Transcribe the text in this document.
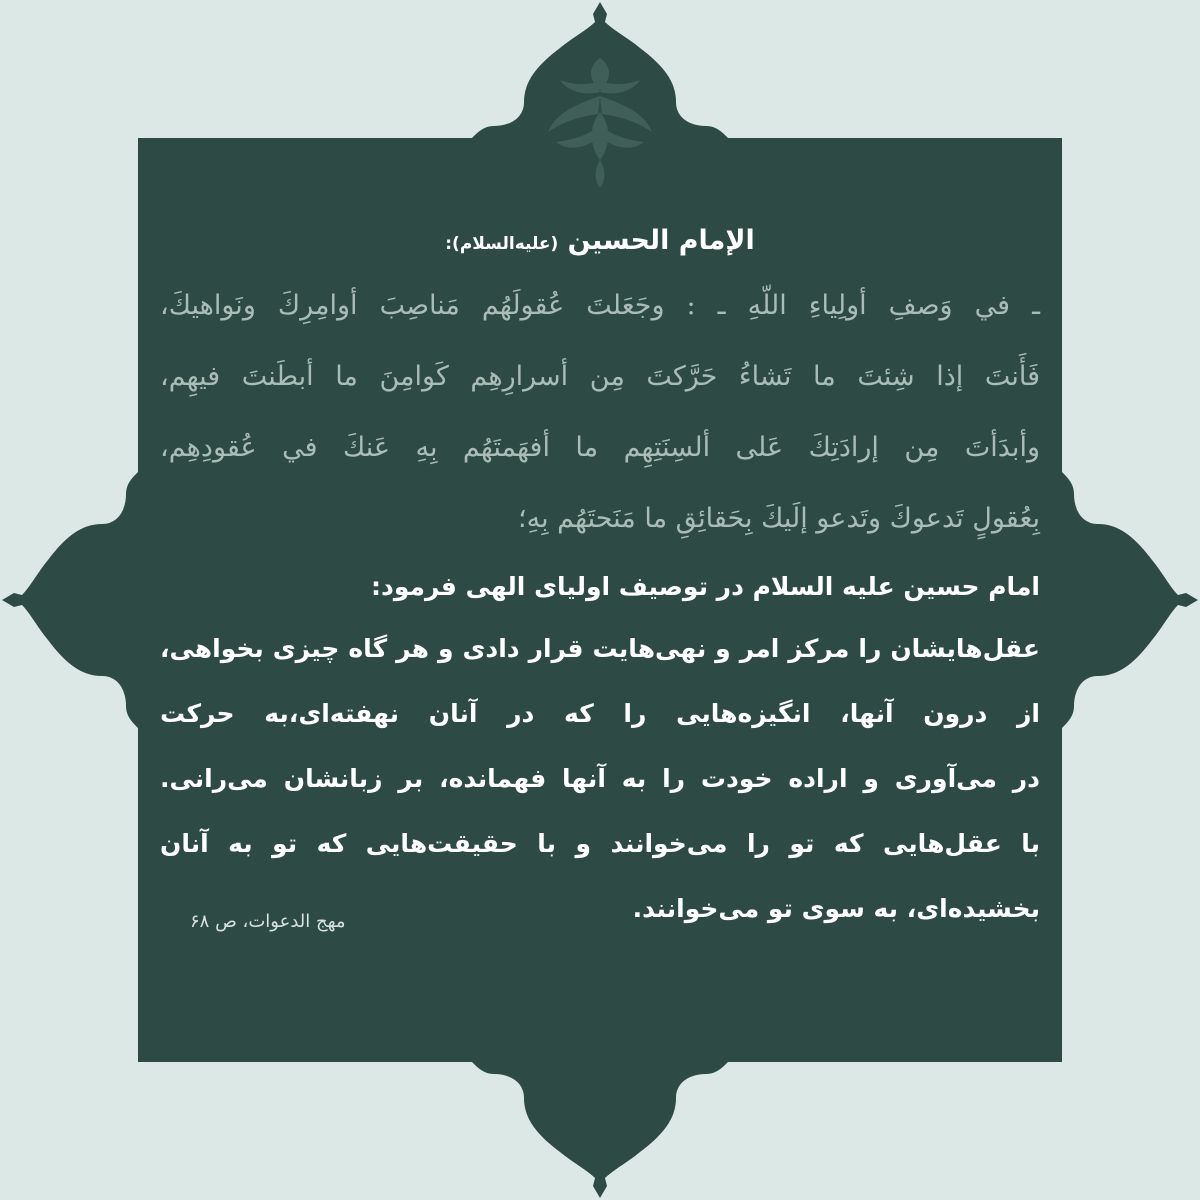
الإمام الحسين (عليه‌السلام):
ـ في وَصفِ أولِياءِ اللّهِ ـ : وجَعَلتَ عُقولَهُم مَناصِبَ أوامِرِكَ ونَواهيكَ،
فَأَنتَ إذا شِئتَ ما تَشاءُ حَرَّكتَ مِن أسرارِهِم كَوامِنَ ما أبطَنتَ فيهِم،
وأبدَأتَ مِن إرادَتِكَ عَلى ألسِنَتِهِم ما أفهَمتَهُم بِهِ عَنكَ في عُقودِهِم،
بِعُقولٍ تَدعوكَ وتَدعو إلَيكَ بِحَقائِقِ ما مَنَحتَهُم بِهِ؛
امام حسین علیه السلام در توصیف اولیای الهی فرمود:
عقل‌هایشان را مرکز امر و نهی‌هایت قرار دادی و هر گاه چیزی بخواهی،
از درون آنها، انگیزه‌هایی را که در آنان نهفته‌ای،به حرکت
در می‌آوری و اراده خودت را به آنها فهمانده، بر زبانشان می‌رانی.
با عقل‌هایی که تو را می‌خوانند و با حقیقت‌هایی که تو به آنان
بخشیده‌ای، به سوی تو می‌خوانند.
مهج الدعوات، ص ۶۸
